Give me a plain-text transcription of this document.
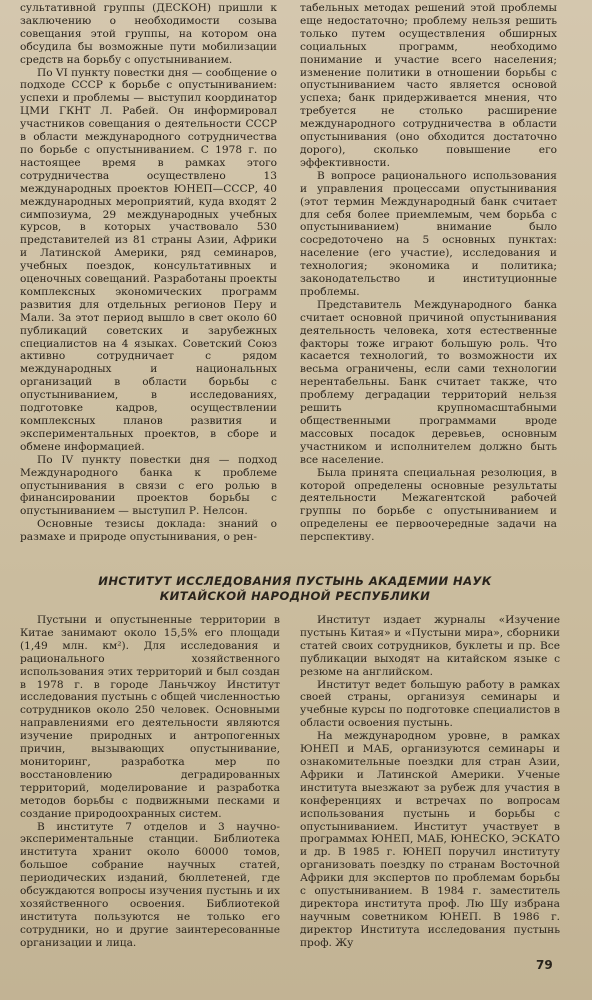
сультативной группы (ДЕСКОН) пришли к заключению о необходимости созыва совещания этой группы, на котором она обсудила бы возможные пути мобилизации средств на борьбу с опустыниванием.

По VI пункту повестки дня — сообщение о подходе СССР к борьбе с опустыниванием: успехи и проблемы — выступил координатор ЦМИ ГКНТ Л. Рабей. Он информировал участников совещания о деятельности СССР в области международного сотрудничества по борьбе с опустыниванием. С 1978 г. по настоящее время в рамках этого сотрудничества осуществлено 13 международных проектов ЮНЕП—СССР, 40 международных мероприятий, куда входят 2 симпозиума, 29 международных учебных курсов, в которых участвовало 530 представителей из 81 страны Азии, Африки и Латинской Америки, ряд семинаров, учебных поездок, консультативных и оценочных совещаний. Разработаны проекты комплексных экономических программ развития для отдельных регионов Перу и Мали. За этот период вышло в свет около 60 публикаций советских и зарубежных специалистов на 4 языках. Советский Союз активно сотрудничает с рядом международных и национальных организаций в области борьбы с опустыниванием, в исследованиях, подготовке кадров, осуществлении комплексных планов развития и экспериментальных проектов, в сборе и обмене информацией.

По IV пункту повестки дня — подход Международного банка к проблеме опустынивания в связи с его ролью в финансировании проектов борьбы с опустыниванием — выступил Р. Нелсон.

Основные тезисы доклада: знаний о размахе и природе опустынивания, о рен-

табельных методах решений этой проблемы еще недостаточно; проблему нельзя решить только путем осуществления обширных социальных программ, необходимо понимание и участие всего населения; изменение политики в отношении борьбы с опустыниванием часто является основой успеха; банк придерживается мнения, что требуется не столько расширение международного сотрудничества в области опустынивания (оно обходится достаточно дорого), сколько повышение его эффективности.

В вопросе рационального использования и управления процессами опустынивания (этот термин Международный банк считает для себя более приемлемым, чем борьба с опустыниванием) внимание было сосредоточено на 5 основных пунктах: население (его участие), исследования и технология; экономика и политика; законодательство и институционные проблемы.

Представитель Международного банка считает основной причиной опустынивания деятельность человека, хотя естественные факторы тоже играют большую роль. Что касается технологий, то возможности их весьма ограничены, если сами технологии нерентабельны. Банк считает также, что проблему деградации территорий нельзя решить крупномасштабными общественными программами вроде массовых посадок деревьев, основным участником и исполнителем должно быть все население.

Была принята специальная резолюция, в которой определены основные результаты деятельности Межагентской рабочей группы по борьбе с опустыниванием и определены ее первоочередные задачи на перспективу.

ИНСТИТУТ ИССЛЕДОВАНИЯ ПУСТЫНЬ АКАДЕМИИ НАУК
КИТАЙСКОЙ НАРОДНОЙ РЕСПУБЛИКИ

Пустыни и опустыненные территории в Китае занимают около 15,5% его площади (1,49 млн. км²). Для исследования и рационального хозяйственного использования этих территорий и был создан в 1978 г. в городе Ланьчжоу Институт исследования пустынь с общей численностью сотрудников около 250 человек. Основными направлениями его деятельности являются изучение природных и антропогенных причин, вызывающих опустынивание, мониторинг, разработка мер по восстановлению деградированных территорий, моделирование и разработка методов борьбы с подвижными песками и создание природоохранных систем.

В институте 7 отделов и 3 научно-экспериментальные станции. Библиотека института хранит около 60000 томов, большое собрание научных статей, периодических изданий, бюллетеней, где обсуждаются вопросы изучения пустынь и их хозяйственного освоения. Библиотекой института пользуются не только его сотрудники, но и другие заинтересованные организации и лица.

Институт издает журналы «Изучение пустынь Китая» и «Пустыни мира», сборники статей своих сотрудников, буклеты и пр. Все публикации выходят на китайском языке с резюме на английском.

Институт ведет большую работу в рамках своей страны, организуя семинары и учебные курсы по подготовке специалистов в области освоения пустынь.

На международном уровне, в рамках ЮНЕП и МАБ, организуются семинары и ознакомительные поездки для стран Азии, Африки и Латинской Америки. Ученые института выезжают за рубеж для участия в конференциях и встречах по вопросам использования пустынь и борьбы с опустыниванием. Институт участвует в программах ЮНЕП, МАБ, ЮНЕСКО, ЭСКАТО и др. В 1985 г. ЮНЕП поручил институту организовать поездку по странам Восточной Африки для экспертов по проблемам борьбы с опустыниванием. В 1984 г. заместитель директора института проф. Лю Шу избрана научным советником ЮНЕП. В 1986 г. директор Института исследования пустынь проф. Жу

79
